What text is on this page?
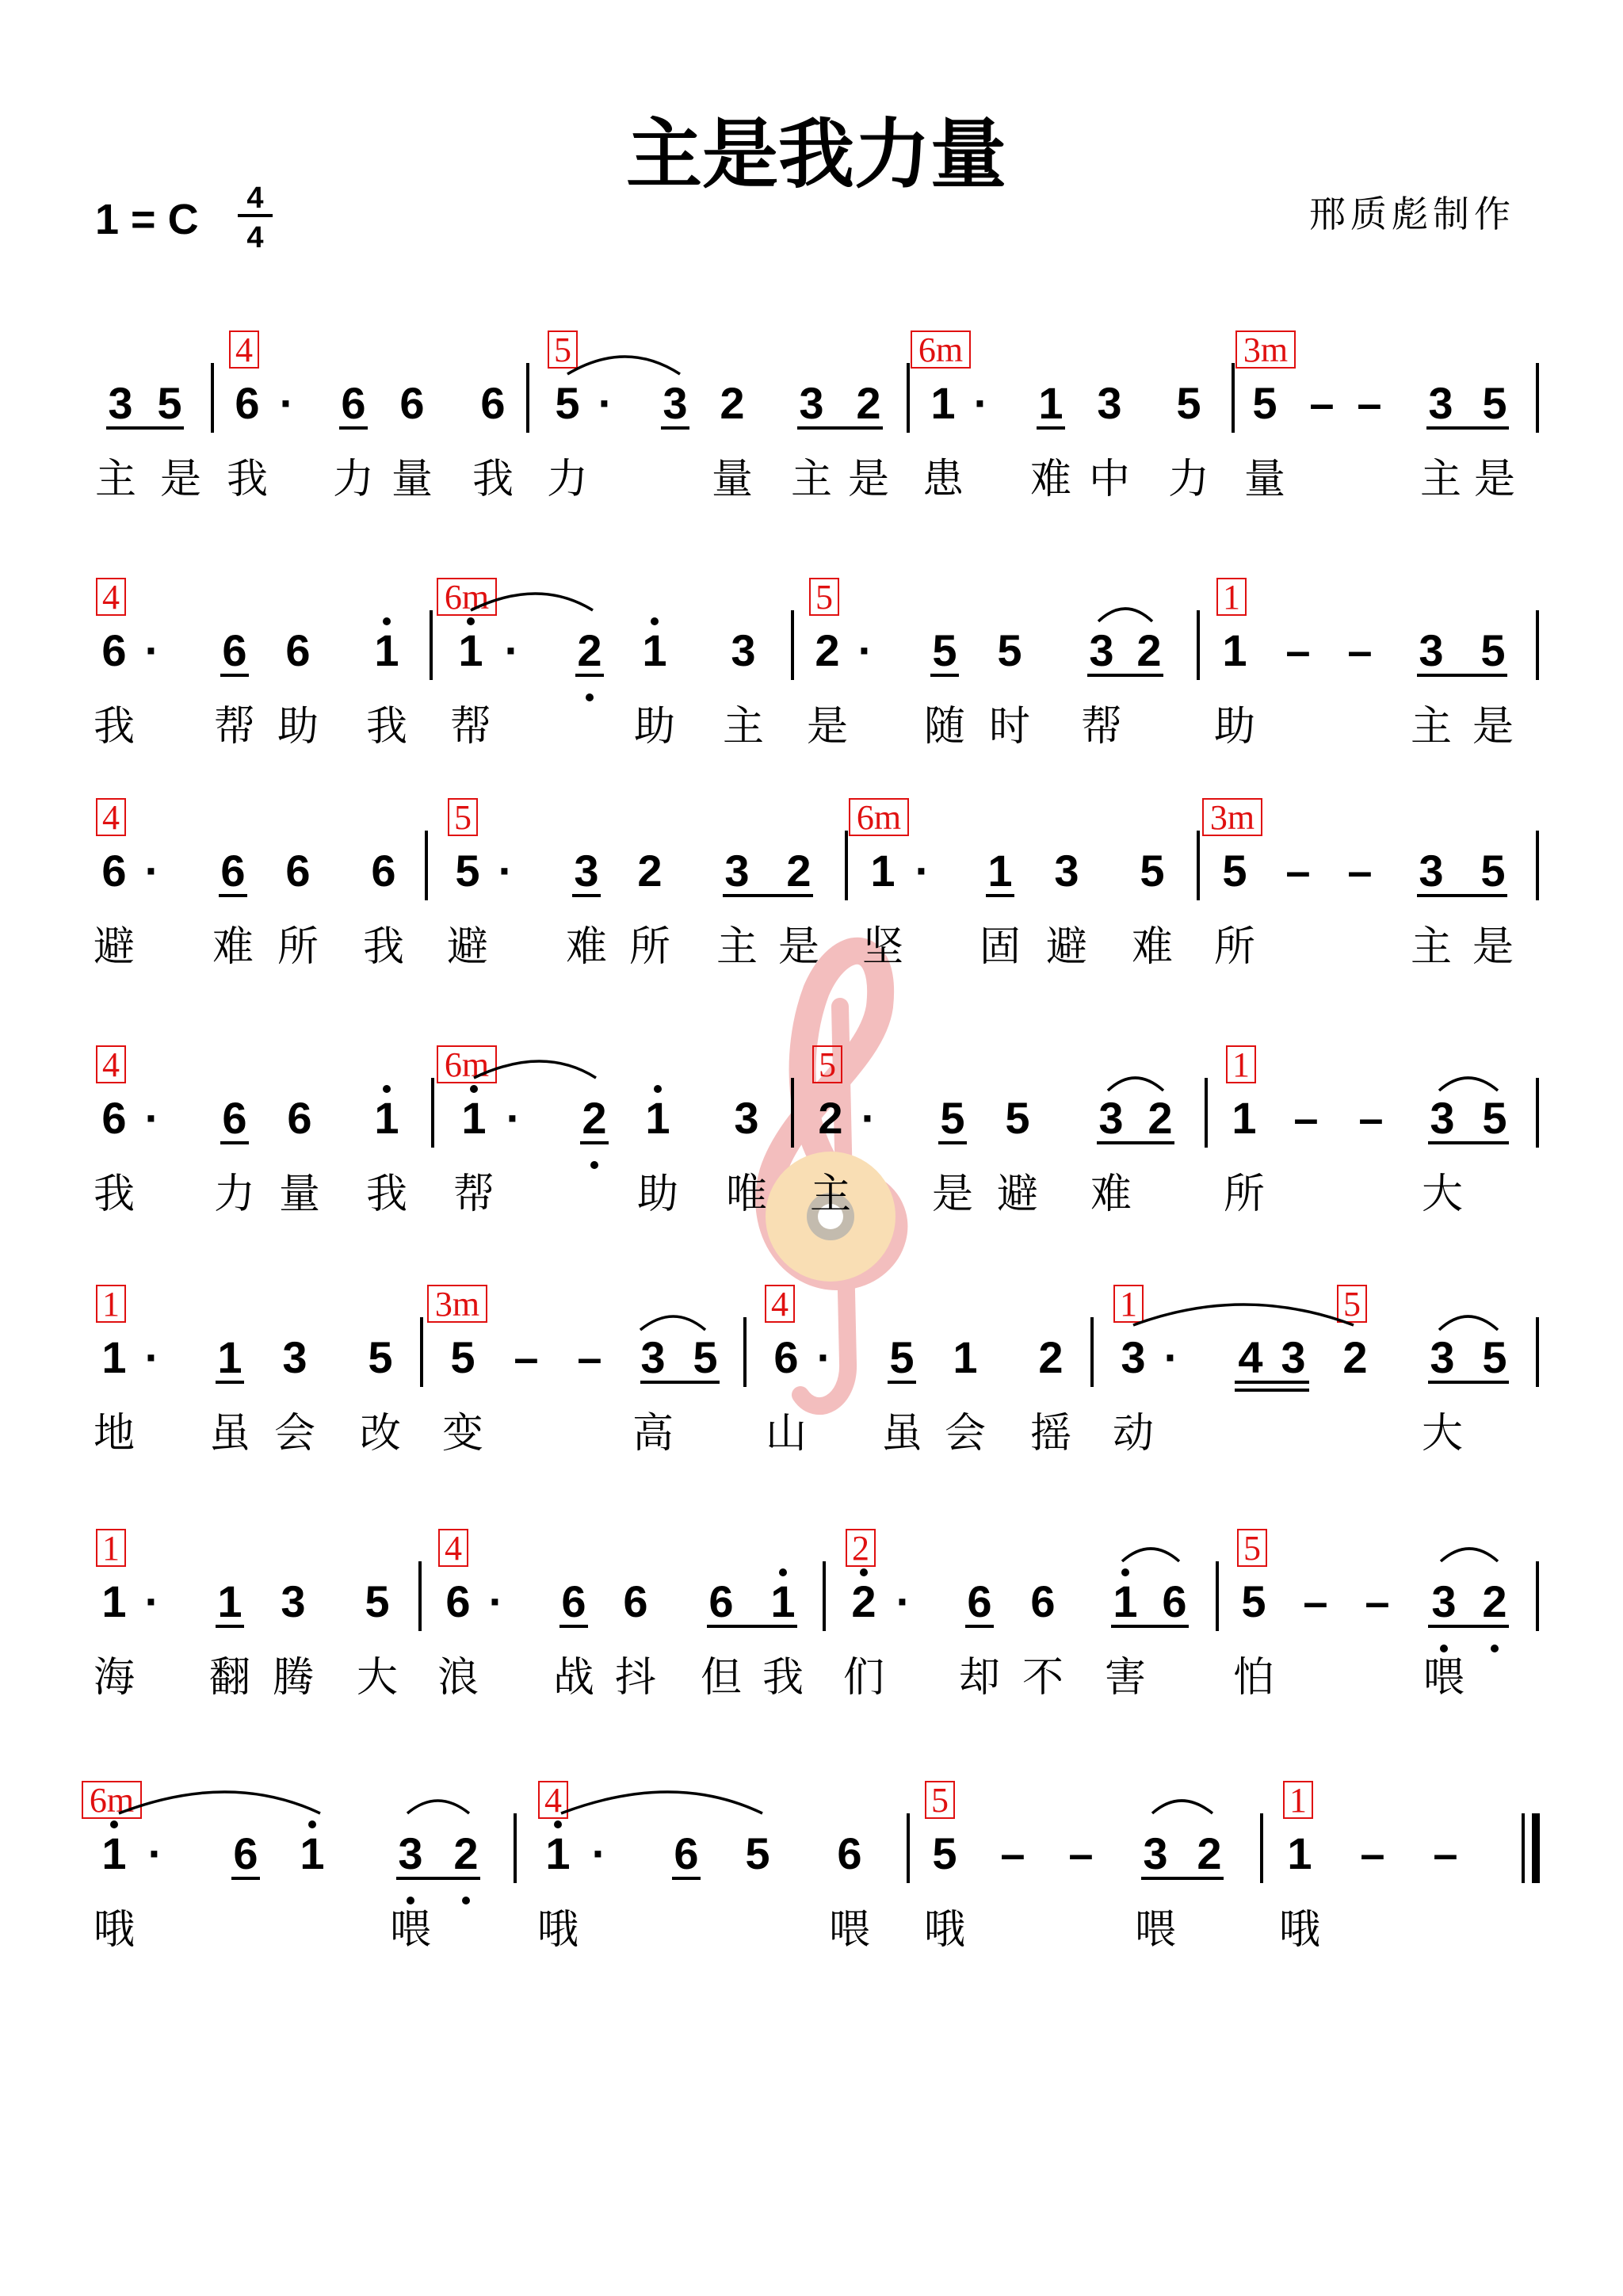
主是我力量
1 = C 4
4
邢质彪制作
4	5	6m	3m
3 5 6 · 6 6 6 5 · 3 2 3 2 1 · 1 3 5 5 – – 3 5
主 是 我 力 量 我 力	量 主 是 患 难 中 力 量	主 是
4	6m	5	1
6 · 6 6 1 1 · 2 1 3 2 · 5 5 3 2 1 – – 3 5
我 帮 助 我 帮	助 主 是 随 时 帮 助	主 是
4	5	6m	3m
6 · 6 6 6 5 · 3 2 3 2 1 · 1 3 5 5 – – 3 5
避 难 所 我 避 难 所 主 是 坚 固 避 难 所	主 是
4	6m	5	1
6 · 6 6 1 1 · 2 1 3 2 · 5 5 3 2 1 – – 3 5
我 力 量 我 帮	助 唯 主 是 避 难 所	大
1	3m	4	1	5
1 · 1 3 5 5 – – 3 5 6 · 5 1 2 3 · 4 3 2 3 5
地 虽 会 改 变	高 山 虽 会 摇 动	大
1	4	2	5
1 · 1 3 5 6 · 6 6 6 1 2 · 6 6 1 6 5 – – 3 2
海 翻 腾 大 浪 战 抖 但 我 们 却 不 害 怕	喂
6m	4	5	1
1 · 6 1 3 2 1 · 6 5 6 5 – – 3 2 1 – –
哦	喂	哦	喂 哦	喂 哦
